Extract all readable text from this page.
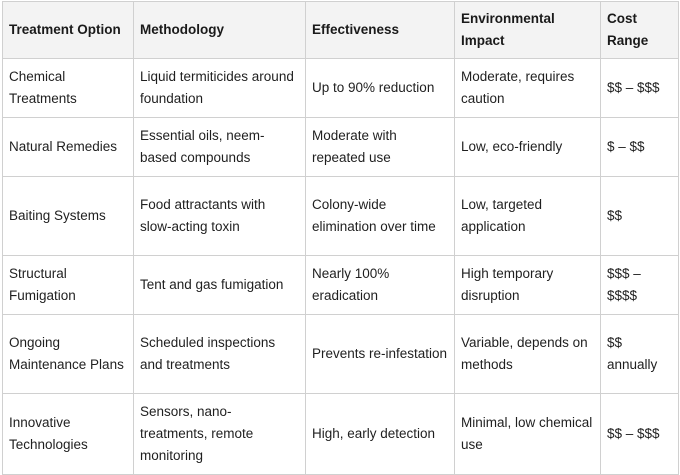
Treatment Option	Methodology	Effectiveness	Environmental Impact	Cost Range
Chemical Treatments	Liquid termiticides around foundation	Up to 90% reduction	Moderate, requires caution	$$ – $$$
Natural Remedies	Essential oils, neem-based compounds	Moderate with repeated use	Low, eco-friendly	$ – $$
Baiting Systems	Food attractants with slow-acting toxin	Colony-wide elimination over time	Low, targeted application	$$
Structural Fumigation	Tent and gas fumigation	Nearly 100% eradication	High temporary disruption	$$$ – $$$$
Ongoing Maintenance Plans	Scheduled inspections and treatments	Prevents re-infestation	Variable, depends on methods	$$ annually
Innovative Technologies	Sensors, nano-treatments, remote monitoring	High, early detection	Minimal, low chemical use	$$ – $$$
